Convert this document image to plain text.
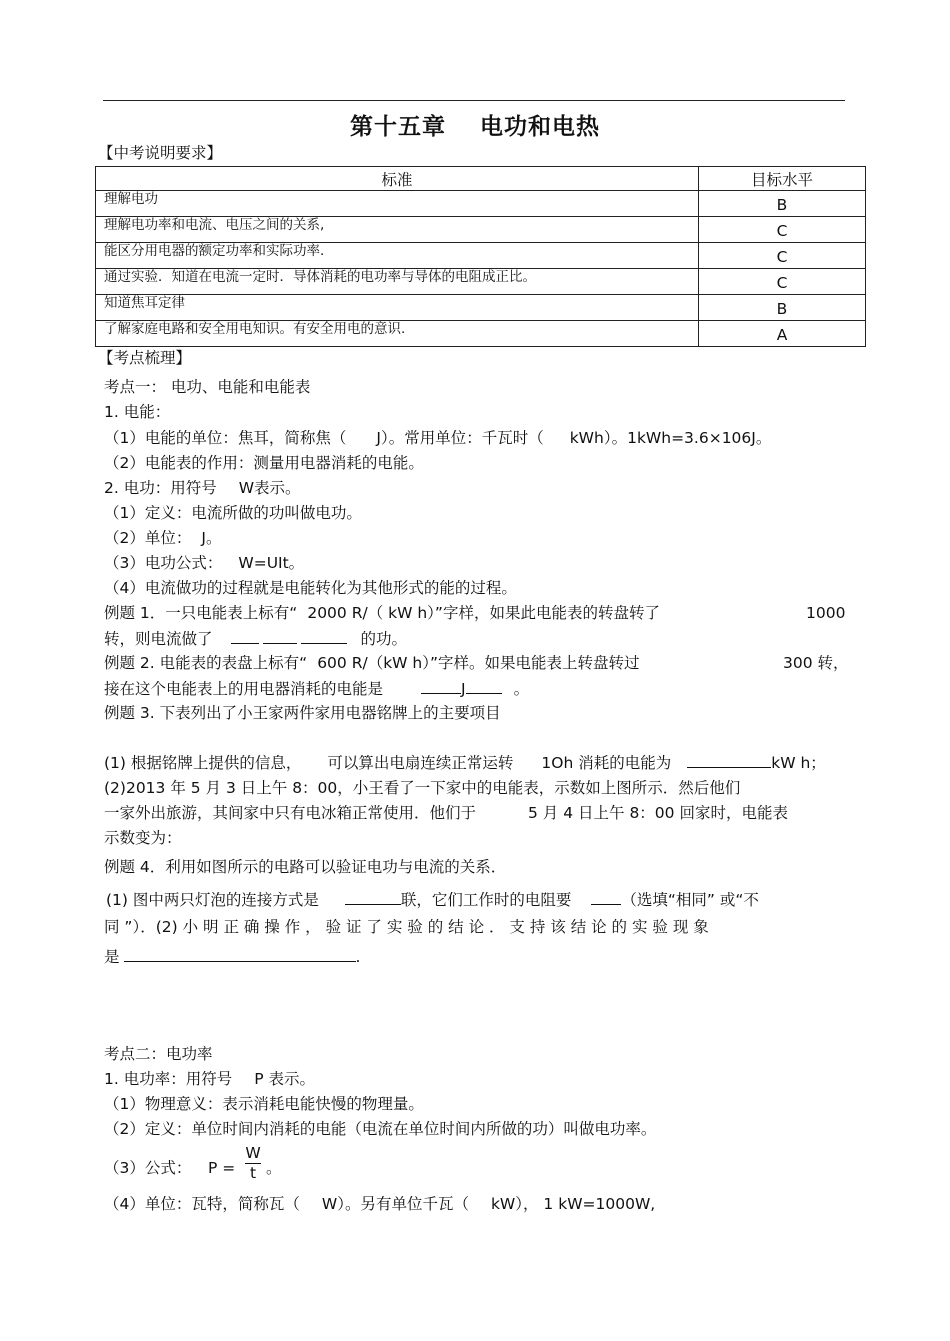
第十五章 电功和电热
【中考说明要求】
标准	目标水平
理解电功	B
理解电功率和电流、电压之间的关系,	C
能区分用电器的额定功率和实际功率.	C
通过实验．知道在电流一定时．导体消耗的电功率与导体的电阻成正比。	C
知道焦耳定律	B
了解家庭电路和安全用电知识。有安全用电的意识.	A
【考点梳理】
考点一： 电功、电能和电能表
1. 电能：
（1）电能的单位：焦耳，简称焦（ J）。常用单位：千瓦时（ kWh）。1kWh=3.6×106J。
（2）电能表的作用：测量用电器消耗的电能。
2. 电功：用符号 W表示。
（1）定义：电流所做的功叫做电功。
（2）单位： J。
（3）电功公式： W=UIt。
（4）电流做功的过程就是电能转化为其他形式的能的过程。
例题 1．一只电能表上标有“ 2000 R/（ kW h）”字样，如果此电能表的转盘转了	1000
转，则电流做了	的功。
例题 2. 电能表的表盘上标有“ 600 R/（kW h）”字样。如果电能表上转盘转过	300 转，
接在这个电能表上的用电器消耗的电能是	J	。
例题 3. 下表列出了小王家两件家用电器铭牌上的主要项目
(1) 根据铭牌上提供的信息， 可以算出电扇连续正常运转 1Oh 消耗的电能为	kW h；
(2)2013 年 5 月 3 日上午 8：00，小王看了一下家中的电能表，示数如上图所示．然后他们
一家外出旅游，其间家中只有电冰箱正常使用．他们于	5 月 4 日上午 8：00 回家时，电能表
示数变为：
例题 4．利用如图所示的电路可以验证电功与电流的关系．
(1) 图中两只灯泡的连接方式是	联，它们工作时的电阻要	（选填“相同” 或“不
同 ”）．(2) 小 明 正 确 操 作 ， 验 证 了 实 验 的 结 论 ． 支 持 该 结 论 的 实 验 现 象
是	.
考点二：电功率
1. 电功率：用符号 P 表示。
（1）物理意义：表示消耗电能快慢的物理量。
（2）定义：单位时间内消耗的电能（电流在单位时间内所做的功）叫做电功率。
（3）公式： P =
W
t 。
（4）单位：瓦特，简称瓦（ W）。另有单位千瓦（ kW）， 1 kW=1000W,
